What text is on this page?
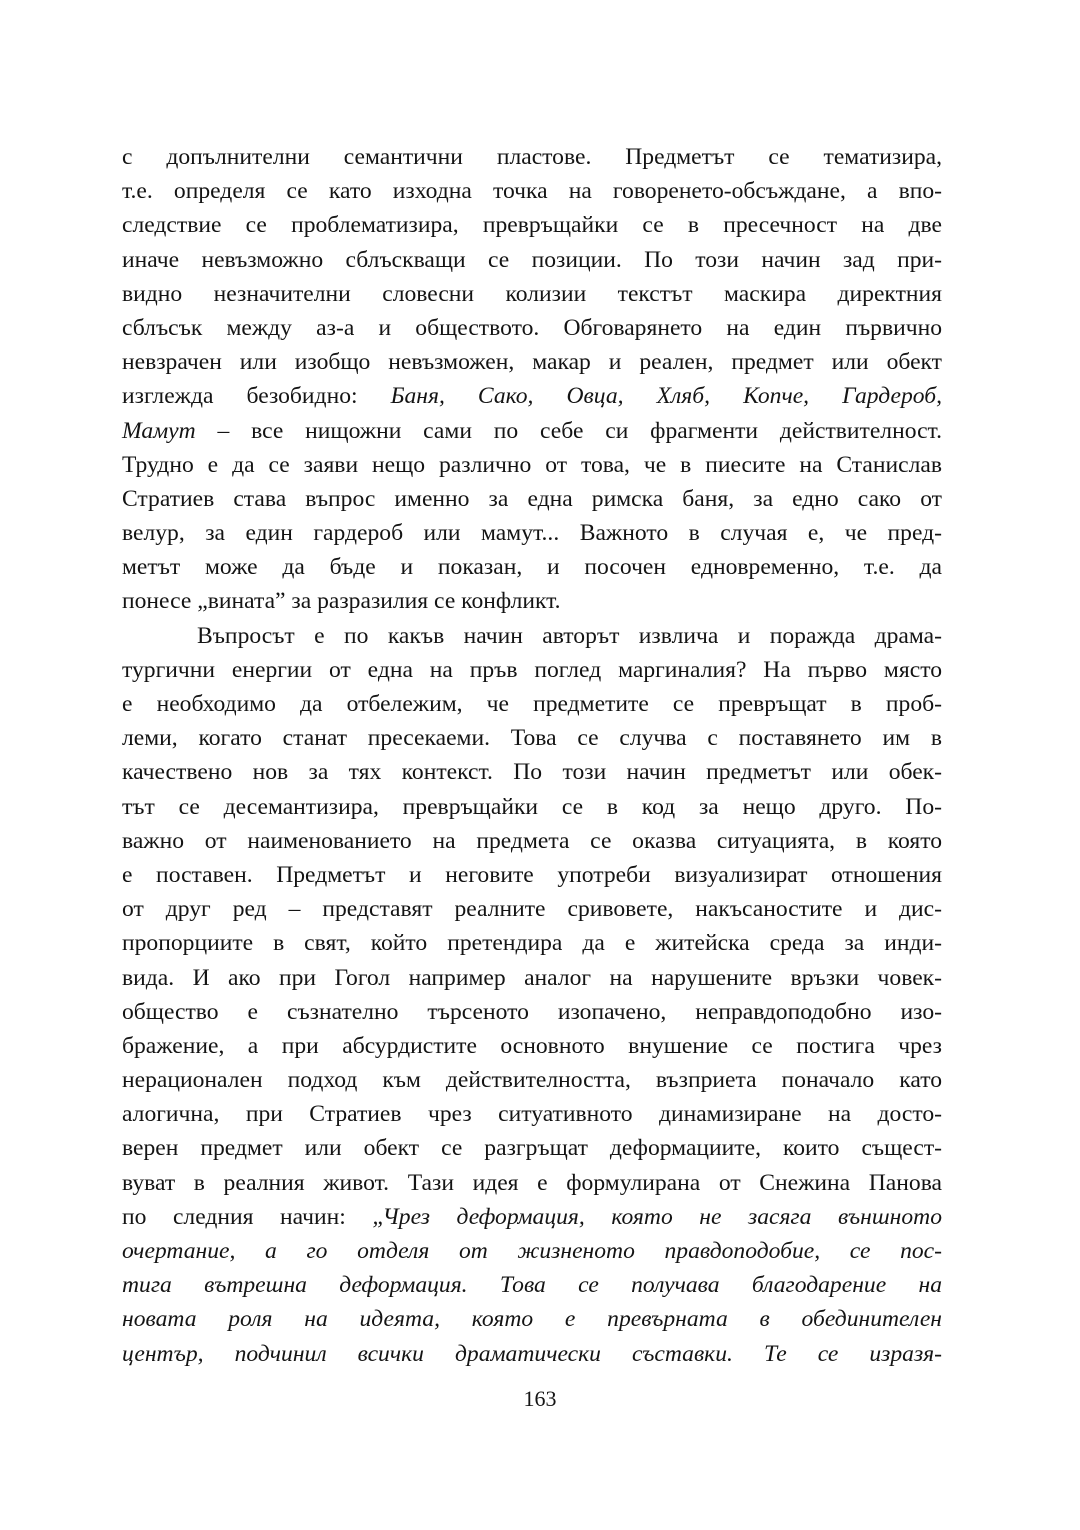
с допълнителни семантични пластове. Предметът се тематизира,
т.е. определя се като изходна точка на говоренето-обсъждане, а впо-
следствие се проблематизира, превръщайки се в пресечност на две
иначе невъзможно сблъскващи се позиции. По този начин зад при-
видно незначителни словесни колизии текстът маскира директния
сблъсък между аз-а и обществото. Обговарянето на един първично
невзрачен или изобщо невъзможен, макар и реален, предмет или обект
изглежда безобидно: Баня, Сако, Овца, Хляб, Копче, Гардероб,
Мамут – все нищожни сами по себе си фрагменти действителност.
Трудно е да се заяви нещо различно от това, че в пиесите на Станислав
Стратиев става въпрос именно за една римска баня, за едно сако от
велур, за един гардероб или мамут... Важното в случая е, че пред-
метът може да бъде и показан, и посочен едновременно, т.е. да
понесе „вината” за разразилия се конфликт.
Въпросът е по какъв начин авторът извлича и поражда драма-
тургични енергии от една на пръв поглед маргиналия? На първо място
е необходимо да отбележим, че предметите се превръщат в проб-
леми, когато станат пресекаеми. Това се случва с поставянето им в
качествено нов за тях контекст. По този начин предметът или обек-
тът се десемантизира, превръщайки се в код за нещо друго. По-
важно от наименованието на предмета се оказва ситуацията, в която
е поставен. Предметът и неговите употреби визуализират отношения
от друг ред – представят реалните сривовете, накъсаностите и дис-
пропорциите в свят, който претендира да е житейска среда за инди-
вида. И ако при Гогол например аналог на нарушените връзки човек-
общество е съзнателно търсеното изопачено, неправдоподобно изо-
бражение, а при абсурдистите основното внушение се постига чрез
нерационален подход към действителността, възприета поначало като
алогична, при Стратиев чрез ситуативното динамизиране на досто-
верен предмет или обект се разгръщат деформациите, които същест-
вуват в реалния живот. Тази идея е формулирана от Снежина Панова
по следния начин: „Чрез деформация, която не засяга външното
очертание, а го отделя от жизненото правдоподобие, се пос-
тига вътрешна деформация. Това се получава благодарение на
новата роля на идеята, която е превърната в обединителен
център, подчинил всички драматически съставки. Те се изразя-
163
